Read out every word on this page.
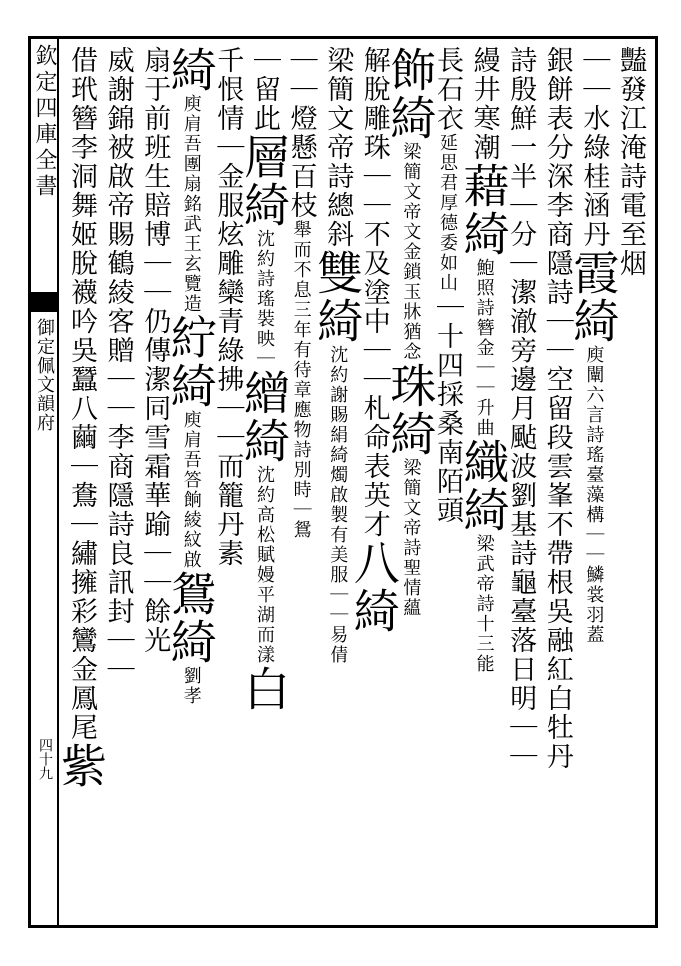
欽定四庫全書
御定佩文韻府
四十九
豔發江淹詩電至烟
｜｜水綠桂涵丹霞綺庾闡六言詩瑤臺藻構｜｜鱗裳羽蓋
銀餅表分深李商隱詩｜｜空留段雲峯不帶根吳融紅白牡丹
詩殷鮮一半｜分｜潔澈旁邊月颭波劉基詩龜臺落日明｜｜
縵井寒潮藉綺鮑照詩簪金｜｜升曲織綺梁武帝詩十三能
長石衣延思君厚德委如山｜十四採桑南陌頭
飾綺梁簡文帝文金鎖玉牀猶念珠綺梁簡文帝詩聖情蘊
解脫雕珠｜｜不及塗中｜｜札命表英才八綺
梁簡文帝詩總斜雙綺沈約謝賜絹綺燭啟製有美服｜｜易倩
｜｜燈懸百枝舉而不息三年有待章應物詩別時｜鴛
｜留此層綺沈約詩瑤裝映｜繒綺沈約高松賦嫚平湖而漾白
千恨情｜金服炫雕欒青綠拂｜｜而籠丹素
綺庾肩吾團扇銘武王玄覽造紵綺庾肩吾答餉綾紋啟鴛綺劉孝
扇于前班生賠博｜｜仍傳潔同雪霜華踰｜｜餘光
威謝錦被啟帝賜鶴綾客贈｜｜李商隱詩良訊封｜｜
借玳簪李洞舞姬脫襪吟吳蠶八繭｜鴦｜繡擁彩鸞金鳳尾紫
